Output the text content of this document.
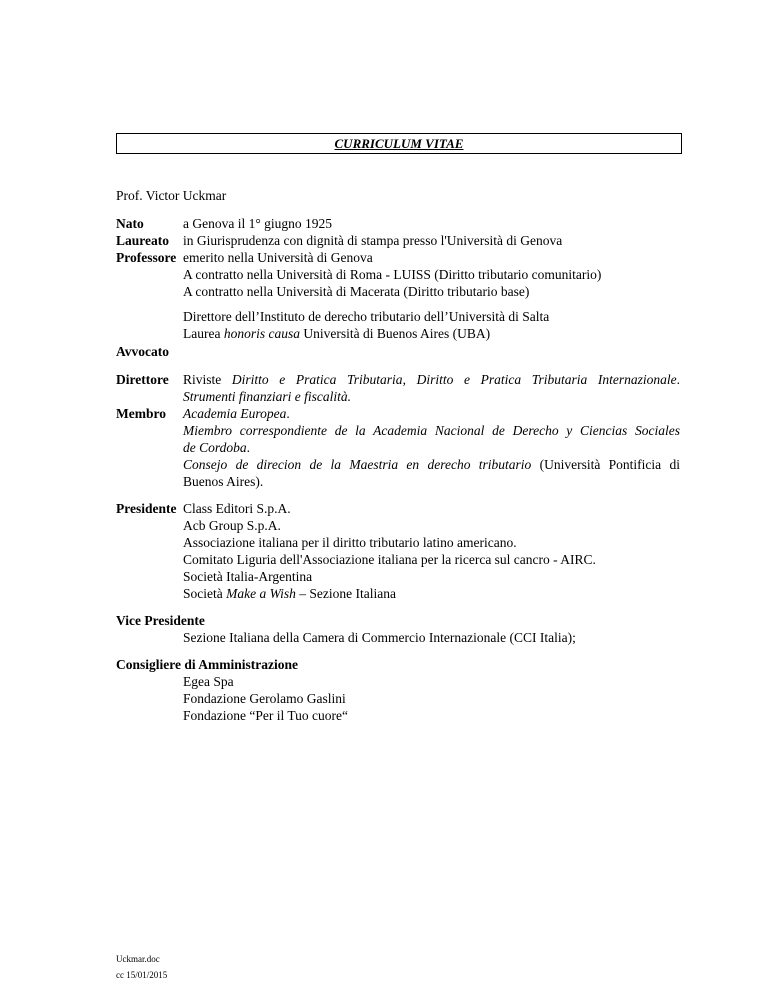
CURRICULUM VITAE
Prof. Victor Uckmar
Nato	a Genova il 1° giugno 1925
Laureato in Giurisprudenza con dignità di stampa presso l'Università di Genova
Professore emerito nella Università di Genova
A contratto nella Università di Roma - LUISS (Diritto tributario comunitario)
A contratto nella Università di Macerata (Diritto tributario base)
Direttore dell’Instituto de derecho tributario dell’Università di Salta
Laurea honoris causa Università di Buenos Aires (UBA)
Avvocato
Direttore Riviste Diritto e Pratica Tributaria, Diritto e Pratica Tributaria Internazionale.
Strumenti finanziari e fiscalità.
Membro Academia Europea.
Miembro correspondiente de la Academia Nacional de Derecho y Ciencias Sociales
de Cordoba.
Consejo de direcion de la Maestria en derecho tributario (Università Pontificia di
Buenos Aires).
Presidente Class Editori S.p.A.
Acb Group S.p.A.
Associazione italiana per il diritto tributario latino americano.
Comitato Liguria dell'Associazione italiana per la ricerca sul cancro - AIRC.
Società Italia-Argentina
Società Make a Wish – Sezione Italiana
Vice Presidente
Sezione Italiana della Camera di Commercio Internazionale (CCI Italia);
Consigliere di Amministrazione
Egea Spa
Fondazione Gerolamo Gaslini
Fondazione “Per il Tuo cuore“
Uckmar.doc
cc 15/01/2015
